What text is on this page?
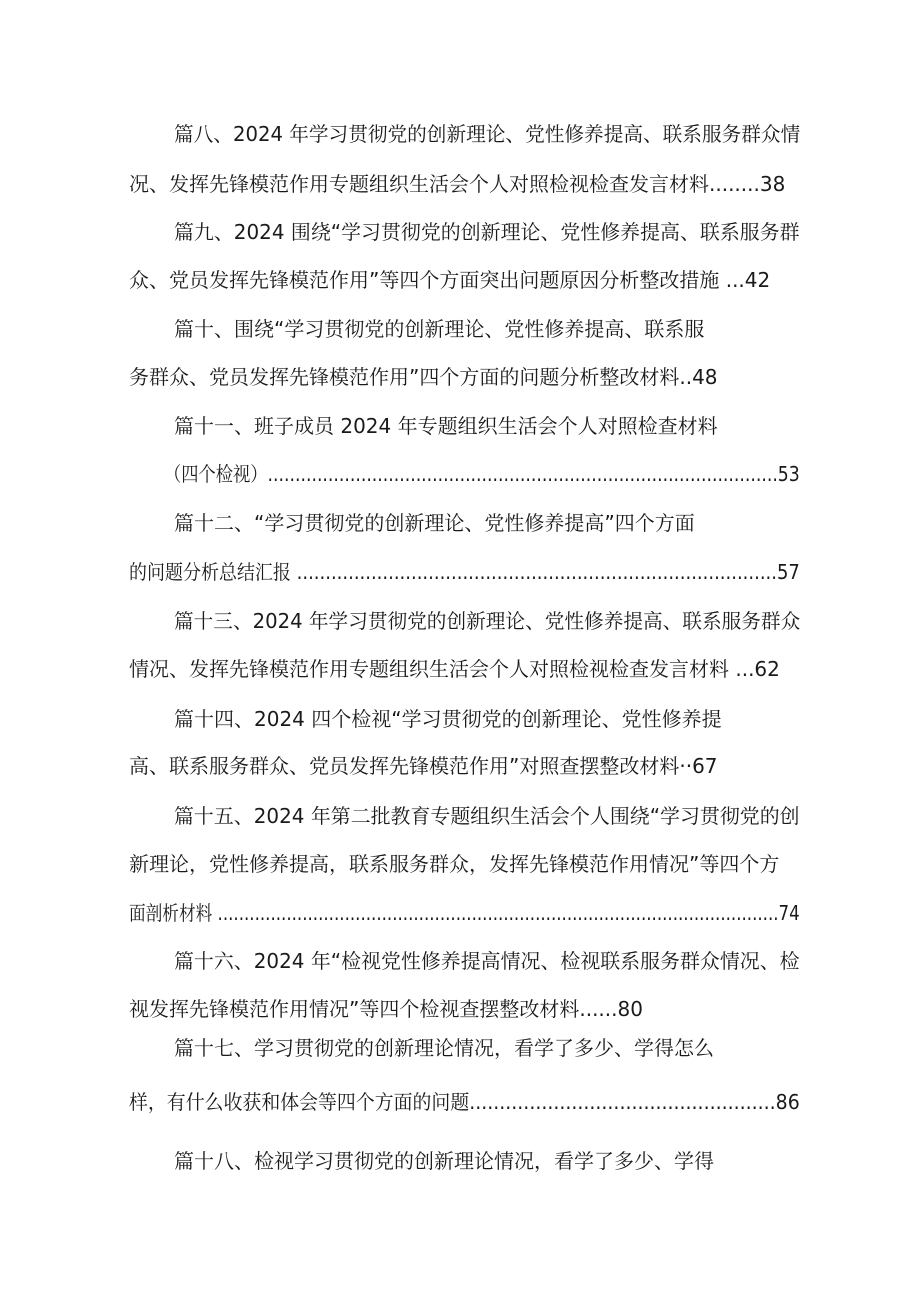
篇八、2024 年学习贯彻党的创新理论、党性修养提高、联系服务群众情
况、发挥先锋模范作用专题组织生活会个人对照检视检查发言材料........38
篇九、2024 围绕“学习贯彻党的创新理论、党性修养提高、联系服务群
众、党员发挥先锋模范作用”等四个方面突出问题原因分析整改措施 ...42
篇十、围绕“学习贯彻党的创新理论、党性修养提高、联系服
务群众、党员发挥先锋模范作用”四个方面的问题分析整改材料..48
篇十一、班子成员 2024 年专题组织生活会个人对照检查材料
（四个检视）.............................................................................................53
篇十二、“学习贯彻党的创新理论、党性修养提高”四个方面
的问题分析总结汇报 ....................................................................................57
篇十三、2024 年学习贯彻党的创新理论、党性修养提高、联系服务群众
情况、发挥先锋模范作用专题组织生活会个人对照检视检查发言材料 ...62
篇十四、2024 四个检视“学习贯彻党的创新理论、党性修养提
高、联系服务群众、党员发挥先锋模范作用”对照查摆整改材料··67
篇十五、2024 年第二批教育专题组织生活会个人围绕“学习贯彻党的创
新理论，党性修养提高，联系服务群众，发挥先锋模范作用情况”等四个方
面剖析材料 ..........................................................................................................74
篇十六、2024 年“检视党性修养提高情况、检视联系服务群众情况、检
视发挥先锋模范作用情况”等四个检视查摆整改材料......80
篇十七、学习贯彻党的创新理论情况，看学了多少、学得怎么
样，有什么收获和体会等四个方面的问题...................................................86
篇十八、检视学习贯彻党的创新理论情况，看学了多少、学得
